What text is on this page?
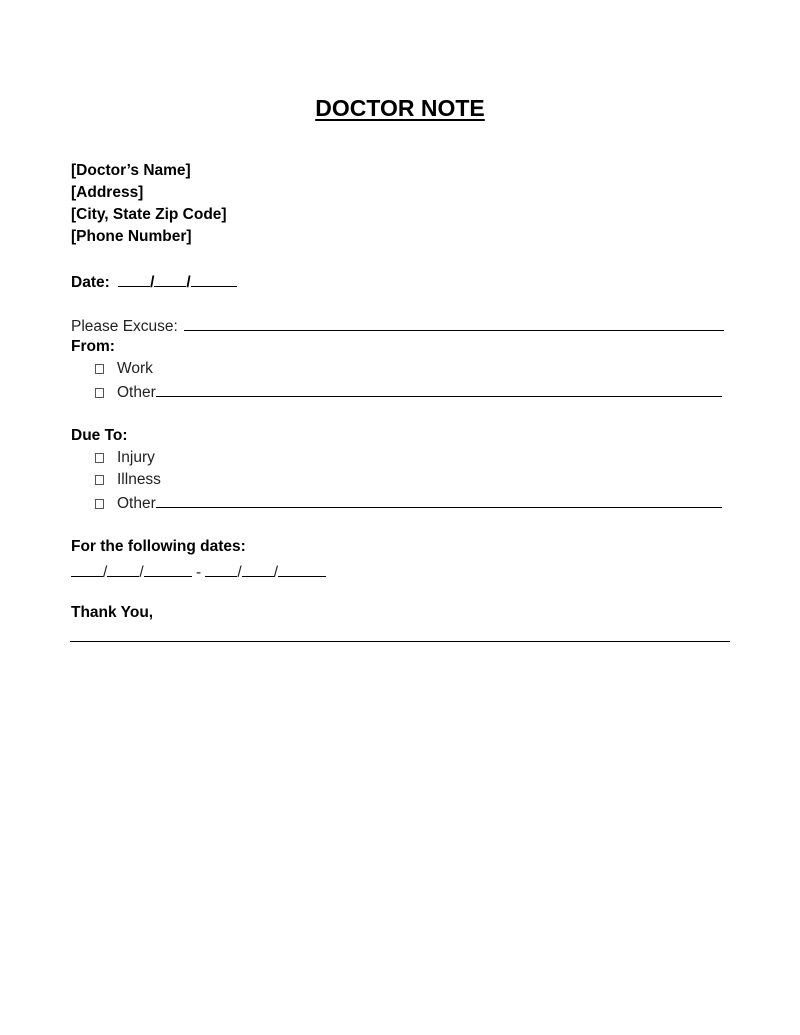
DOCTOR NOTE
[Doctor’s Name]
[Address]
[City, State Zip Code]
[Phone Number]
Date:	/ /
Please Excuse:
From:
Work
Other
Due To:
Injury
Illness
Other
For the following dates:
/ /	- / /
Thank You,
